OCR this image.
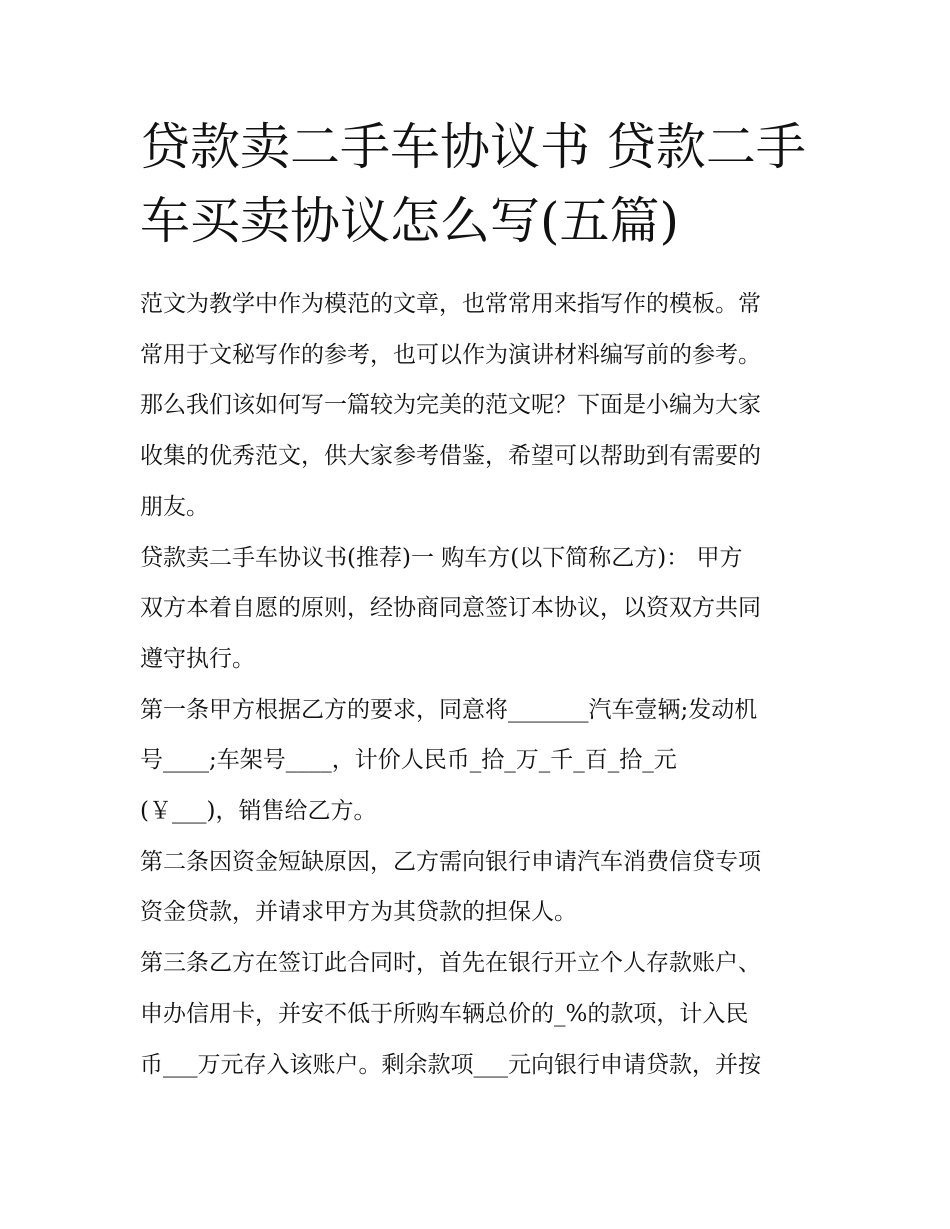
贷款卖二手车协议书 贷款二手
车买卖协议怎么写(五篇)

范文为教学中作为模范的文章，也常常用来指写作的模板。常
常用于文秘写作的参考，也可以作为演讲材料编写前的参考。
那么我们该如何写一篇较为完美的范文呢？下面是小编为大家
收集的优秀范文，供大家参考借鉴，希望可以帮助到有需要的
朋友。

贷款卖二手车协议书(推荐)一 购车方(以下简称乙方)： 甲方
双方本着自愿的原则，经协商同意签订本协议，以资双方共同
遵守执行。

第一条甲方根据乙方的要求，同意将_______汽车壹辆;发动机
号____;车架号____，计价人民币_拾_万_千_百_拾_元
(￥___)，销售给乙方。

第二条因资金短缺原因，乙方需向银行申请汽车消费信贷专项
资金贷款，并请求甲方为其贷款的担保人。

第三条乙方在签订此合同时，首先在银行开立个人存款账户、
申办信用卡，并安不低于所购车辆总价的_%的款项，计入民
币___万元存入该账户。剩余款项___元向银行申请贷款，并按
